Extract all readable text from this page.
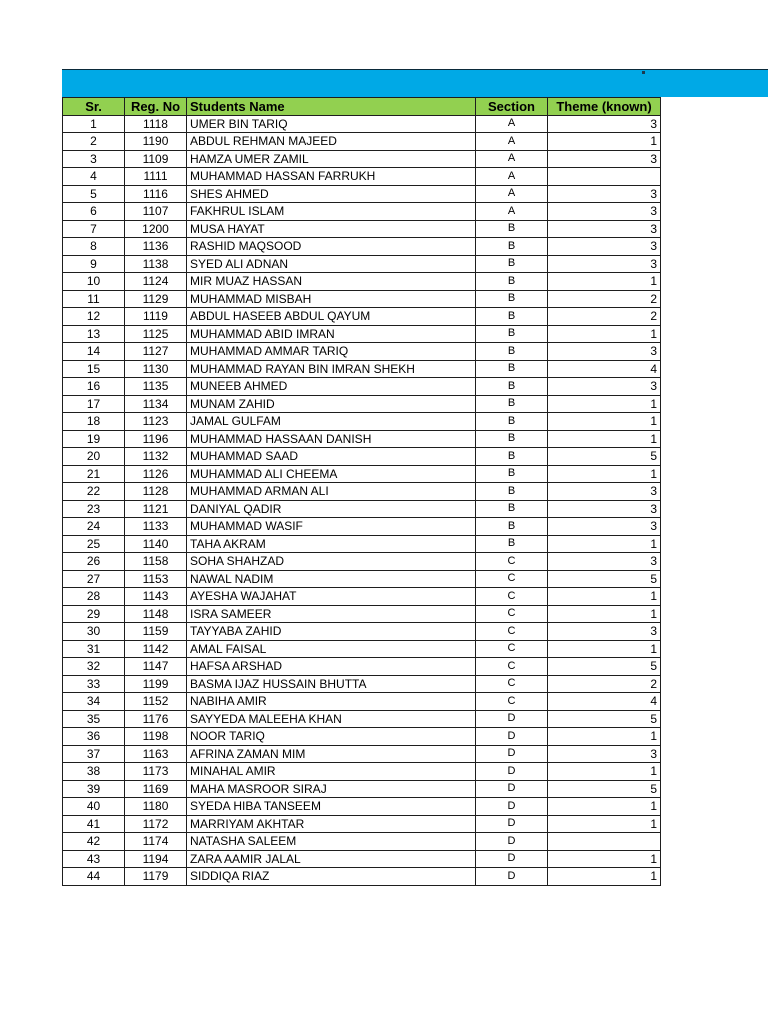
Sr.	Reg. No	Students Name	Section	Theme (known)
1	1118	UMER BIN TARIQ	A	3
2	1190	ABDUL REHMAN MAJEED	A	1
3	1109	HAMZA UMER ZAMIL	A	3
4	1111	MUHAMMAD HASSAN FARRUKH	A	
5	1116	SHES AHMED	A	3
6	1107	FAKHRUL ISLAM	A	3
7	1200	MUSA HAYAT	B	3
8	1136	RASHID MAQSOOD	B	3
9	1138	SYED ALI ADNAN	B	3
10	1124	MIR MUAZ HASSAN	B	1
11	1129	MUHAMMAD MISBAH	B	2
12	1119	ABDUL HASEEB ABDUL QAYUM	B	2
13	1125	MUHAMMAD ABID IMRAN	B	1
14	1127	MUHAMMAD AMMAR TARIQ	B	3
15	1130	MUHAMMAD RAYAN BIN IMRAN SHEKH	B	4
16	1135	MUNEEB AHMED	B	3
17	1134	MUNAM ZAHID	B	1
18	1123	JAMAL GULFAM	B	1
19	1196	MUHAMMAD HASSAAN DANISH	B	1
20	1132	MUHAMMAD SAAD	B	5
21	1126	MUHAMMAD ALI CHEEMA	B	1
22	1128	MUHAMMAD ARMAN ALI	B	3
23	1121	DANIYAL QADIR	B	3
24	1133	MUHAMMAD WASIF	B	3
25	1140	TAHA AKRAM	B	1
26	1158	SOHA SHAHZAD	C	3
27	1153	NAWAL NADIM	C	5
28	1143	AYESHA WAJAHAT	C	1
29	1148	ISRA SAMEER	C	1
30	1159	TAYYABA ZAHID	C	3
31	1142	AMAL FAISAL	C	1
32	1147	HAFSA ARSHAD	C	5
33	1199	BASMA IJAZ HUSSAIN BHUTTA	C	2
34	1152	NABIHA AMIR	C	4
35	1176	SAYYEDA MALEEHA KHAN	D	5
36	1198	NOOR TARIQ	D	1
37	1163	AFRINA ZAMAN MIM	D	3
38	1173	MINAHAL AMIR	D	1
39	1169	MAHA MASROOR SIRAJ	D	5
40	1180	SYEDA HIBA TANSEEM	D	1
41	1172	MARRIYAM AKHTAR	D	1
42	1174	NATASHA SALEEM	D	
43	1194	ZARA AAMIR JALAL	D	1
44	1179	SIDDIQA RIAZ	D	1
